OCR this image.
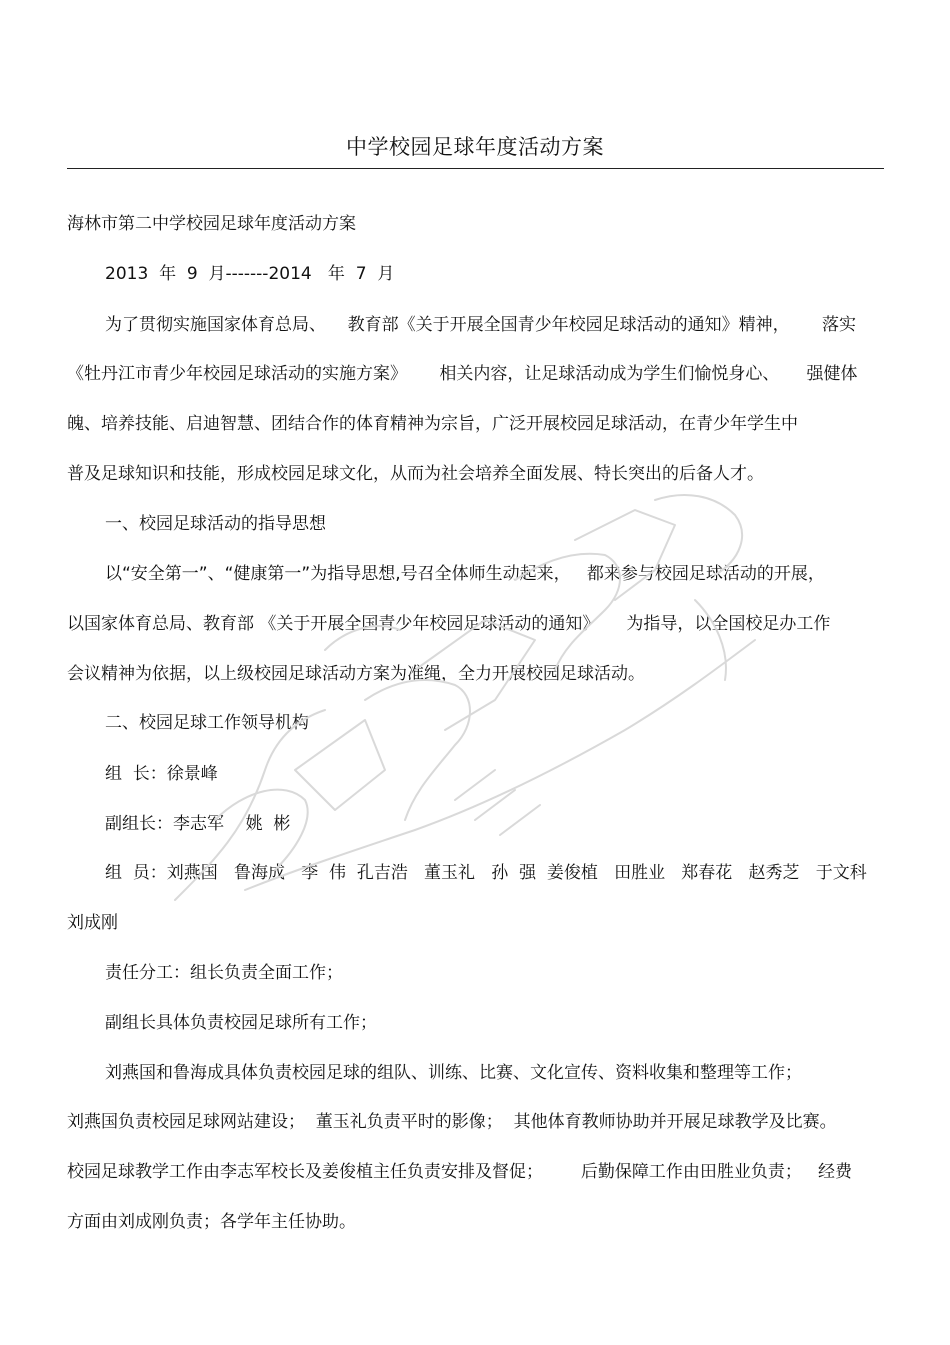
中学校园足球年度活动方案
海林市第二中学校园足球年度活动方案
2013  年  9  月-------2014   年  7  月
为了贯彻实施国家体育总局、    教育部《关于开展全国青少年校园足球活动的通知》精神，      落实
《牡丹江市青少年校园足球活动的实施方案》      相关内容，让足球活动成为学生们愉悦身心、     强健体
魄、培养技能、启迪智慧、团结合作的体育精神为宗旨，广泛开展校园足球活动，在青少年学生中
普及足球知识和技能，形成校园足球文化，从而为社会培养全面发展、特长突出的后备人才。
一、校园足球活动的指导思想
以“安全第一”、“健康第一”为指导思想,号召全体师生动起来，   都来参与校园足球活动的开展，
以国家体育总局、教育部 《关于开展全国青少年校园足球活动的通知》     为指导，以全国校足办工作
会议精神为依据，以上级校园足球活动方案为准绳，全力开展校园足球活动。
二、校园足球工作领导机构
组  长：徐景峰
副组长：李志军    姚  彬
组  员：刘燕国   鲁海成   李  伟  孔吉浩   董玉礼   孙  强  姜俊植   田胜业   郑春花   赵秀芝   于文科
刘成刚
责任分工：组长负责全面工作；
副组长具体负责校园足球所有工作；
刘燕国和鲁海成具体负责校园足球的组队、训练、比赛、文化宣传、资料收集和整理等工作；
刘燕国负责校园足球网站建设；  董玉礼负责平时的影像；  其他体育教师协助并开展足球教学及比赛。
校园足球教学工作由李志军校长及姜俊植主任负责安排及督促；       后勤保障工作由田胜业负责；   经费
方面由刘成刚负责；各学年主任协助。
